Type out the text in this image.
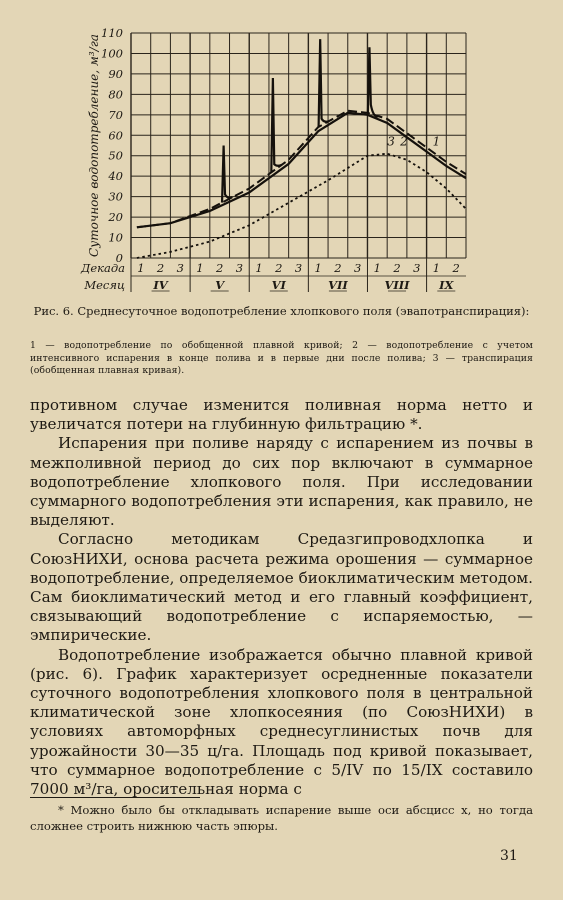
0
10
20
30
40
50
60
70
80
90
100
110
Суточное водопотребление, м³/га
Декада 1 2 3 1 2 3 1 2 3 1 2 3 1 2 3 1 2
Месяц IV	V	VI	VII	VIII	IX
3 2 1
Рис. 6. Среднесуточное водопотребление хлопкового поля (эвапотранспирация):
1 — водопотребление по обобщенной плавной кривой; 2 — водопотребление с учетом интенсивного испарения в конце полива и в первые дни после полива; 3 — транспирация (обобщенная плавная кривая).

противном случае изменится поливная норма нетто и увеличатся потери на глубинную фильтрацию *.

Испарения при поливе наряду с испарением из почвы в межполивной период до сих пор включают в суммарное водопотребление хлопкового поля. При исследовании суммарного водопотребления эти испарения, как правило, не выделяют.

Согласно методикам Средазгипроводхлопка и СоюзНИХИ, основа расчета режима орошения — суммарное водопотребление, определяемое биоклиматическим методом. Сам биоклиматический метод и его главный коэффициент, связывающий водопотребление с испаряемостью, — эмпирические.

Водопотребление изображается обычно плавной кривой (рис. 6). График характеризует осредненные показатели суточного водопотребления хлопкового поля в центральной климатической зоне хлопкосеяния (по СоюзНИХИ) в условиях автоморфных среднесуглинистых почв для урожайности 30—35 ц/га. Площадь под кривой показывает, что суммарное водопотребление с 5/IV по 15/IX составило 7000 м³/га, оросительная норма с

* Можно было бы откладывать испарение выше оси абсцисс x, но тогда сложнее строить нижнюю часть эпюры.
31
